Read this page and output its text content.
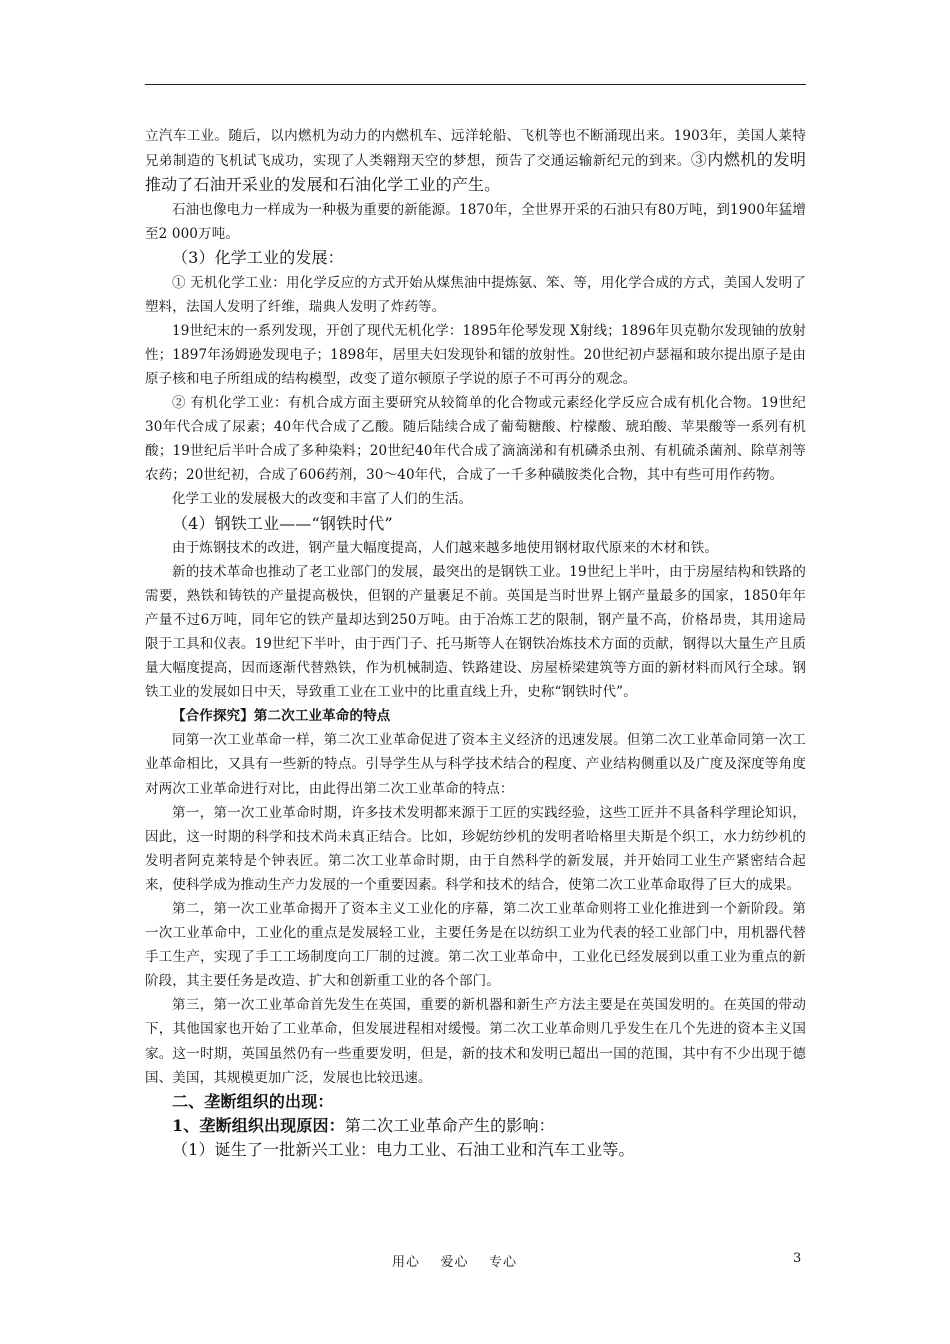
立汽车工业。随后，以内燃机为动力的内燃机车、远洋轮船、飞机等也不断涌现出来。1903年，美国人莱特兄弟制造的飞机试飞成功，实现了人类翱翔天空的梦想，预告了交通运输新纪元的到来。③内燃机的发明推动了石油开采业的发展和石油化学工业的产生。

石油也像电力一样成为一种极为重要的新能源。1870年，全世界开采的石油只有80万吨，到1900年猛增至2 000万吨。

（3）化学工业的发展：

① 无机化学工业：用化学反应的方式开始从煤焦油中提炼氨、笨、等，用化学合成的方式，美国人发明了塑料，法国人发明了纤维，瑞典人发明了炸药等。

19世纪末的一系列发现，开创了现代无机化学：1895年伦琴发现 X射线；1896年贝克勒尔发现铀的放射性；1897年汤姆逊发现电子；1898年，居里夫妇发现钋和镭的放射性。20世纪初卢瑟福和玻尔提出原子是由原子核和电子所组成的结构模型，改变了道尔顿原子学说的原子不可再分的观念。

② 有机化学工业：有机合成方面主要研究从较简单的化合物或元素经化学反应合成有机化合物。19世纪30年代合成了尿素；40年代合成了乙酸。随后陆续合成了葡萄糖酸、柠檬酸、琥珀酸、苹果酸等一系列有机酸；19世纪后半叶合成了多种染料；20世纪40年代合成了滴滴涕和有机磷杀虫剂、有机硫杀菌剂、除草剂等农药；20世纪初，合成了606药剂，30～40年代，合成了一千多种磺胺类化合物，其中有些可用作药物。

化学工业的发展极大的改变和丰富了人们的生活。

（4）钢铁工业——“钢铁时代”

由于炼钢技术的改进，钢产量大幅度提高，人们越来越多地使用钢材取代原来的木材和铁。

新的技术革命也推动了老工业部门的发展，最突出的是钢铁工业。19世纪上半叶，由于房屋结构和铁路的需要，熟铁和铸铁的产量提高极快，但钢的产量裹足不前。英国是当时世界上钢产量最多的国家，1850年年产量不过6万吨，同年它的铁产量却达到250万吨。由于冶炼工艺的限制，钢产量不高，价格昂贵，其用途局限于工具和仪表。19世纪下半叶，由于西门子、托马斯等人在钢铁冶炼技术方面的贡献，钢得以大量生产且质量大幅度提高，因而逐渐代替熟铁，作为机械制造、铁路建设、房屋桥梁建筑等方面的新材料而风行全球。钢铁工业的发展如日中天，导致重工业在工业中的比重直线上升，史称“钢铁时代”。

【合作探究】第二次工业革命的特点

同第一次工业革命一样，第二次工业革命促进了资本主义经济的迅速发展。但第二次工业革命同第一次工业革命相比，又具有一些新的特点。引导学生从与科学技术结合的程度、产业结构侧重以及广度及深度等角度对两次工业革命进行对比，由此得出第二次工业革命的特点：

第一，第一次工业革命时期，许多技术发明都来源于工匠的实践经验，这些工匠并不具备科学理论知识，因此，这一时期的科学和技术尚未真正结合。比如，珍妮纺纱机的发明者哈格里夫斯是个织工，水力纺纱机的发明者阿克莱特是个钟表匠。第二次工业革命时期，由于自然科学的新发展，并开始同工业生产紧密结合起来，使科学成为推动生产力发展的一个重要因素。科学和技术的结合，使第二次工业革命取得了巨大的成果。

第二，第一次工业革命揭开了资本主义工业化的序幕，第二次工业革命则将工业化推进到一个新阶段。第一次工业革命中，工业化的重点是发展轻工业，主要任务是在以纺织工业为代表的轻工业部门中，用机器代替手工生产，实现了手工工场制度向工厂制的过渡。第二次工业革命中，工业化已经发展到以重工业为重点的新阶段，其主要任务是改造、扩大和创新重工业的各个部门。

第三，第一次工业革命首先发生在英国，重要的新机器和新生产方法主要是在英国发明的。在英国的带动下，其他国家也开始了工业革命，但发展进程相对缓慢。第二次工业革命则几乎发生在几个先进的资本主义国家。这一时期，英国虽然仍有一些重要发明，但是，新的技术和发明已超出一国的范围，其中有不少出现于德国、美国，其规模更加广泛，发展也比较迅速。

二、垄断组织的出现：

1、垄断组织出现原因：第二次工业革命产生的影响：

（1）诞生了一批新兴工业：电力工业、石油工业和汽车工业等。

用心    爱心    专心	3
